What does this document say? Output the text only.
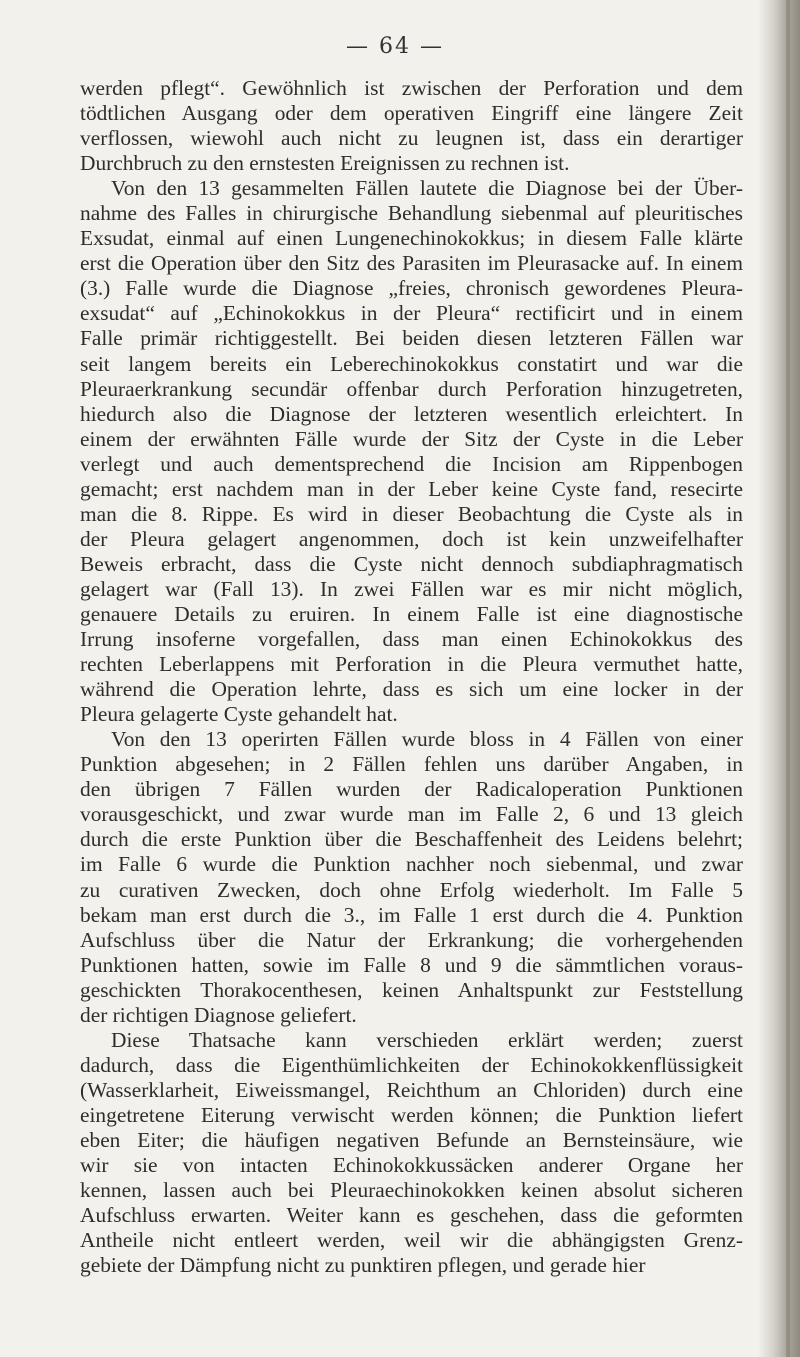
— 64 —
werden pflegt“. Gewöhnlich ist zwischen der Perforation und dem
tödtlichen Ausgang oder dem operativen Eingriff eine längere Zeit
verflossen, wiewohl auch nicht zu leugnen ist, dass ein derartiger
Durchbruch zu den ernstesten Ereignissen zu rechnen ist.
Von den 13 gesammelten Fällen lautete die Diagnose bei der Über-
nahme des Falles in chirurgische Behandlung siebenmal auf pleuritisches
Exsudat, einmal auf einen Lungenechinokokkus; in diesem Falle klärte
erst die Operation über den Sitz des Parasiten im Pleurasacke auf. In einem
(3.) Falle wurde die Diagnose „freies, chronisch gewordenes Pleura-
exsudat“ auf „Echinokokkus in der Pleura“ rectificirt und in einem
Falle primär richtiggestellt. Bei beiden diesen letzteren Fällen war
seit langem bereits ein Leberechinokokkus constatirt und war die
Pleuraerkrankung secundär offenbar durch Perforation hinzugetreten,
hiedurch also die Diagnose der letzteren wesentlich erleichtert. In
einem der erwähnten Fälle wurde der Sitz der Cyste in die Leber
verlegt und auch dementsprechend die Incision am Rippenbogen
gemacht; erst nachdem man in der Leber keine Cyste fand, resecirte
man die 8. Rippe. Es wird in dieser Beobachtung die Cyste als in
der Pleura gelagert angenommen, doch ist kein unzweifelhafter
Beweis erbracht, dass die Cyste nicht dennoch subdiaphragmatisch
gelagert war (Fall 13). In zwei Fällen war es mir nicht möglich,
genauere Details zu eruiren. In einem Falle ist eine diagnostische
Irrung insoferne vorgefallen, dass man einen Echinokokkus des
rechten Leberlappens mit Perforation in die Pleura vermuthet hatte,
während die Operation lehrte, dass es sich um eine locker in der
Pleura gelagerte Cyste gehandelt hat.
Von den 13 operirten Fällen wurde bloss in 4 Fällen von einer
Punktion abgesehen; in 2 Fällen fehlen uns darüber Angaben, in
den übrigen 7 Fällen wurden der Radicaloperation Punktionen
vorausgeschickt, und zwar wurde man im Falle 2, 6 und 13 gleich
durch die erste Punktion über die Beschaffenheit des Leidens belehrt;
im Falle 6 wurde die Punktion nachher noch siebenmal, und zwar
zu curativen Zwecken, doch ohne Erfolg wiederholt. Im Falle 5
bekam man erst durch die 3., im Falle 1 erst durch die 4. Punktion
Aufschluss über die Natur der Erkrankung; die vorhergehenden
Punktionen hatten, sowie im Falle 8 und 9 die sämmtlichen voraus-
geschickten Thorakocenthesen, keinen Anhaltspunkt zur Feststellung
der richtigen Diagnose geliefert.
Diese Thatsache kann verschieden erklärt werden; zuerst
dadurch, dass die Eigenthümlichkeiten der Echinokokkenflüssigkeit
(Wasserklarheit, Eiweissmangel, Reichthum an Chloriden) durch eine
eingetretene Eiterung verwischt werden können; die Punktion liefert
eben Eiter; die häufigen negativen Befunde an Bernsteinsäure, wie
wir sie von intacten Echinokokkussäcken anderer Organe her
kennen, lassen auch bei Pleuraechinokokken keinen absolut sicheren
Aufschluss erwarten. Weiter kann es geschehen, dass die geformten
Antheile nicht entleert werden, weil wir die abhängigsten Grenz-
gebiete der Dämpfung nicht zu punktiren pflegen, und gerade hier
